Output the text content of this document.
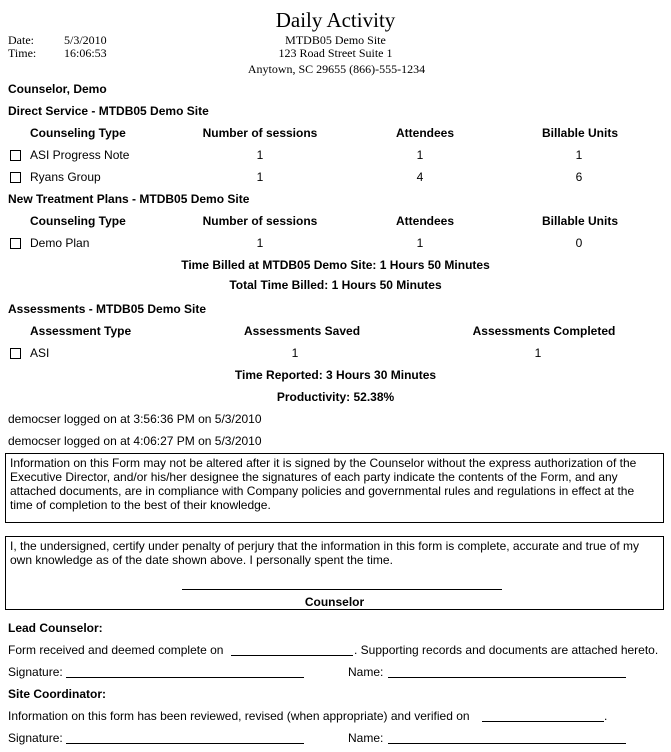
Daily Activity
Date:	5/3/2010
Time: 16:06:53
MTDB05 Demo Site
123 Road Street Suite 1
Anytown, SC 29655 (866)-555-1234
Counselor, Demo
Direct Service - MTDB05 Demo Site
Counseling Type	Number of sessions	Attendees	Billable Units
ASI Progress Note	1	1	1
Ryans Group	1	4	6
New Treatment Plans - MTDB05 Demo Site
Counseling Type	Number of sessions	Attendees	Billable Units
Demo Plan	1	1	0
Time Billed at MTDB05 Demo Site: 1 Hours 50 Minutes
Total Time Billed: 1 Hours 50 Minutes
Assessments - MTDB05 Demo Site
Assessment Type	Assessments Saved	Assessments Completed
ASI	1	1
Time Reported: 3 Hours 30 Minutes
Productivity: 52.38%
democser logged on at 3:56:36 PM on 5/3/2010
democser logged on at 4:06:27 PM on 5/3/2010
Information on this Form may not be altered after it is signed by the Counselor without the express authorization of the Executive Director, and/or his/her designee the signatures of each party indicate the contents of the Form, and any attached documents, are in compliance with Company policies and governmental rules and regulations in effect at the time of completion to the best of their knowledge.
I, the undersigned, certify under penalty of perjury that the information in this form is complete, accurate and true of my own knowledge as of the date shown above. I personally spent the time.
Counselor
Lead Counselor:
Form received and deemed complete on	. Supporting records and documents are attached hereto.
Signature:	Name:
Site Coordinator:
Information on this form has been reviewed, revised (when appropriate) and verified on	.
Signature:	Name:
